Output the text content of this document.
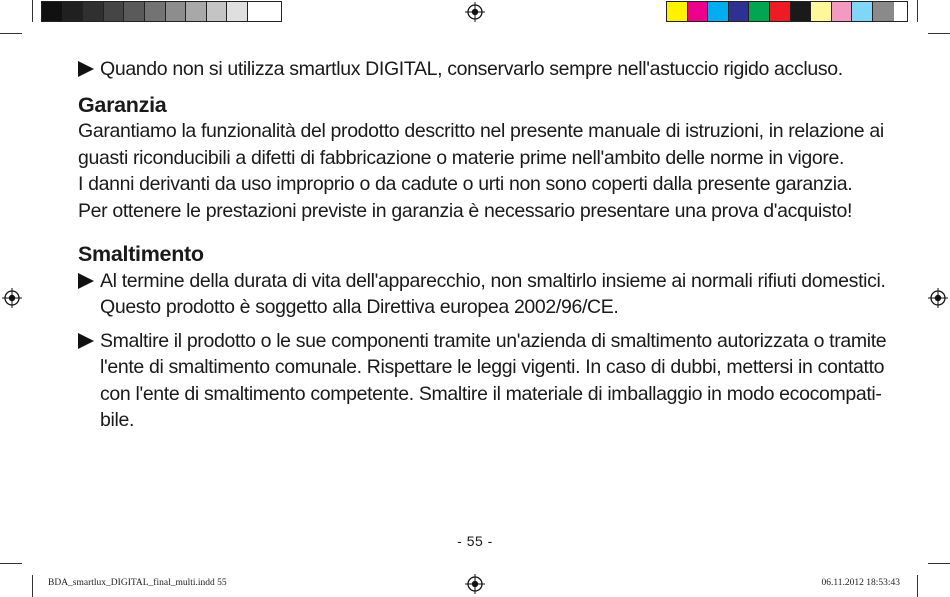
Quando non si utilizza smartlux DIGITAL, conservarlo sempre nell'astuccio rigido accluso.
Garanzia
Garantiamo la funzionalità del prodotto descritto nel presente manuale di istruzioni, in relazione ai
guasti riconducibili a difetti di fabbricazione o materie prime nell'ambito delle norme in vigore.
I danni derivanti da uso improprio o da cadute o urti non sono coperti dalla presente garanzia.
Per ottenere le prestazioni previste in garanzia è necessario presentare una prova d'acquisto!
Smaltimento
Al termine della durata di vita dell'apparecchio, non smaltirlo insieme ai normali rifiuti domestici.
Questo prodotto è soggetto alla Direttiva europea 2002/96/CE.
Smaltire il prodotto o le sue componenti tramite un'azienda di smaltimento autorizzata o tramite
l'ente di smaltimento comunale. Rispettare le leggi vigenti. In caso di dubbi, mettersi in contatto
con l'ente di smaltimento competente. Smaltire il materiale di imballaggio in modo ecocompati-
bile.
- 55 -
BDA_smartlux_DIGITAL_final_multi.indd 55	06.11.2012 18:53:43
